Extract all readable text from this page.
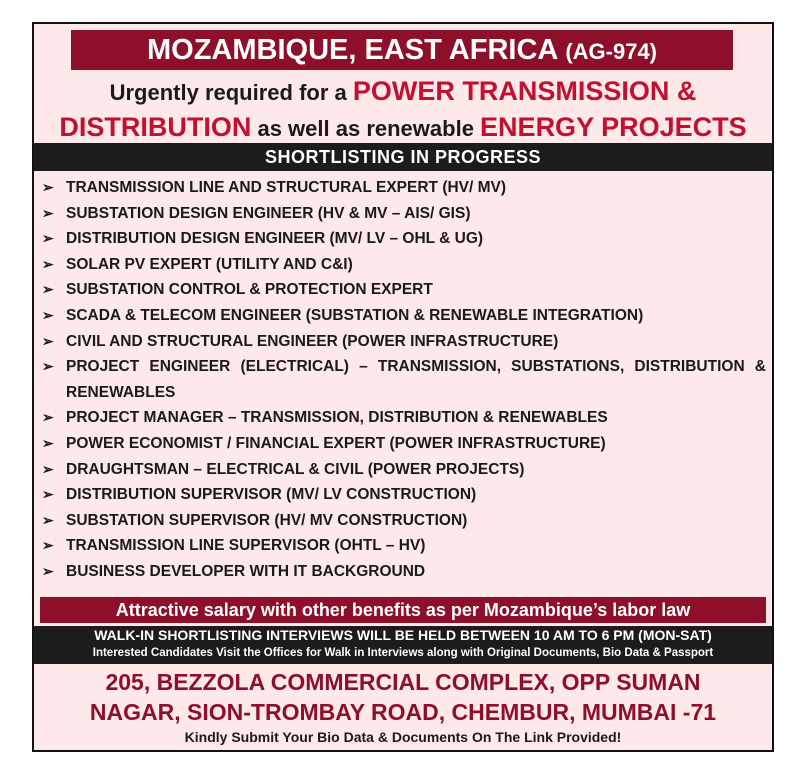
MOZAMBIQUE, EAST AFRICA (AG-974)
Urgently required for a POWER TRANSMISSION &
DISTRIBUTION as well as renewable ENERGY PROJECTS
SHORTLISTING IN PROGRESS
➢ TRANSMISSION LINE AND STRUCTURAL EXPERT (HV/ MV)
➢ SUBSTATION DESIGN ENGINEER (HV & MV – AIS/ GIS)
➢ DISTRIBUTION DESIGN ENGINEER (MV/ LV – OHL & UG)
➢ SOLAR PV EXPERT (UTILITY AND C&I)
➢ SUBSTATION CONTROL & PROTECTION EXPERT
➢ SCADA & TELECOM ENGINEER (SUBSTATION & RENEWABLE INTEGRATION)
➢ CIVIL AND STRUCTURAL ENGINEER (POWER INFRASTRUCTURE)
➢ PROJECT ENGINEER (ELECTRICAL) – TRANSMISSION, SUBSTATIONS, DISTRIBUTION & RENEWABLES
➢ PROJECT MANAGER – TRANSMISSION, DISTRIBUTION & RENEWABLES
➢ POWER ECONOMIST / FINANCIAL EXPERT (POWER INFRASTRUCTURE)
➢ DRAUGHTSMAN – ELECTRICAL & CIVIL (POWER PROJECTS)
➢ DISTRIBUTION SUPERVISOR (MV/ LV CONSTRUCTION)
➢ SUBSTATION SUPERVISOR (HV/ MV CONSTRUCTION)
➢ TRANSMISSION LINE SUPERVISOR (OHTL – HV)
➢ BUSINESS DEVELOPER WITH IT BACKGROUND
Attractive salary with other benefits as per Mozambique’s labor law
WALK-IN SHORTLISTING INTERVIEWS WILL BE HELD BETWEEN 10 AM TO 6 PM (MON-SAT)
Interested Candidates Visit the Offices for Walk in Interviews along with Original Documents, Bio Data & Passport
205, BEZZOLA COMMERCIAL COMPLEX, OPP SUMAN
NAGAR, SION-TROMBAY ROAD, CHEMBUR, MUMBAI -71
Kindly Submit Your Bio Data & Documents On The Link Provided!
